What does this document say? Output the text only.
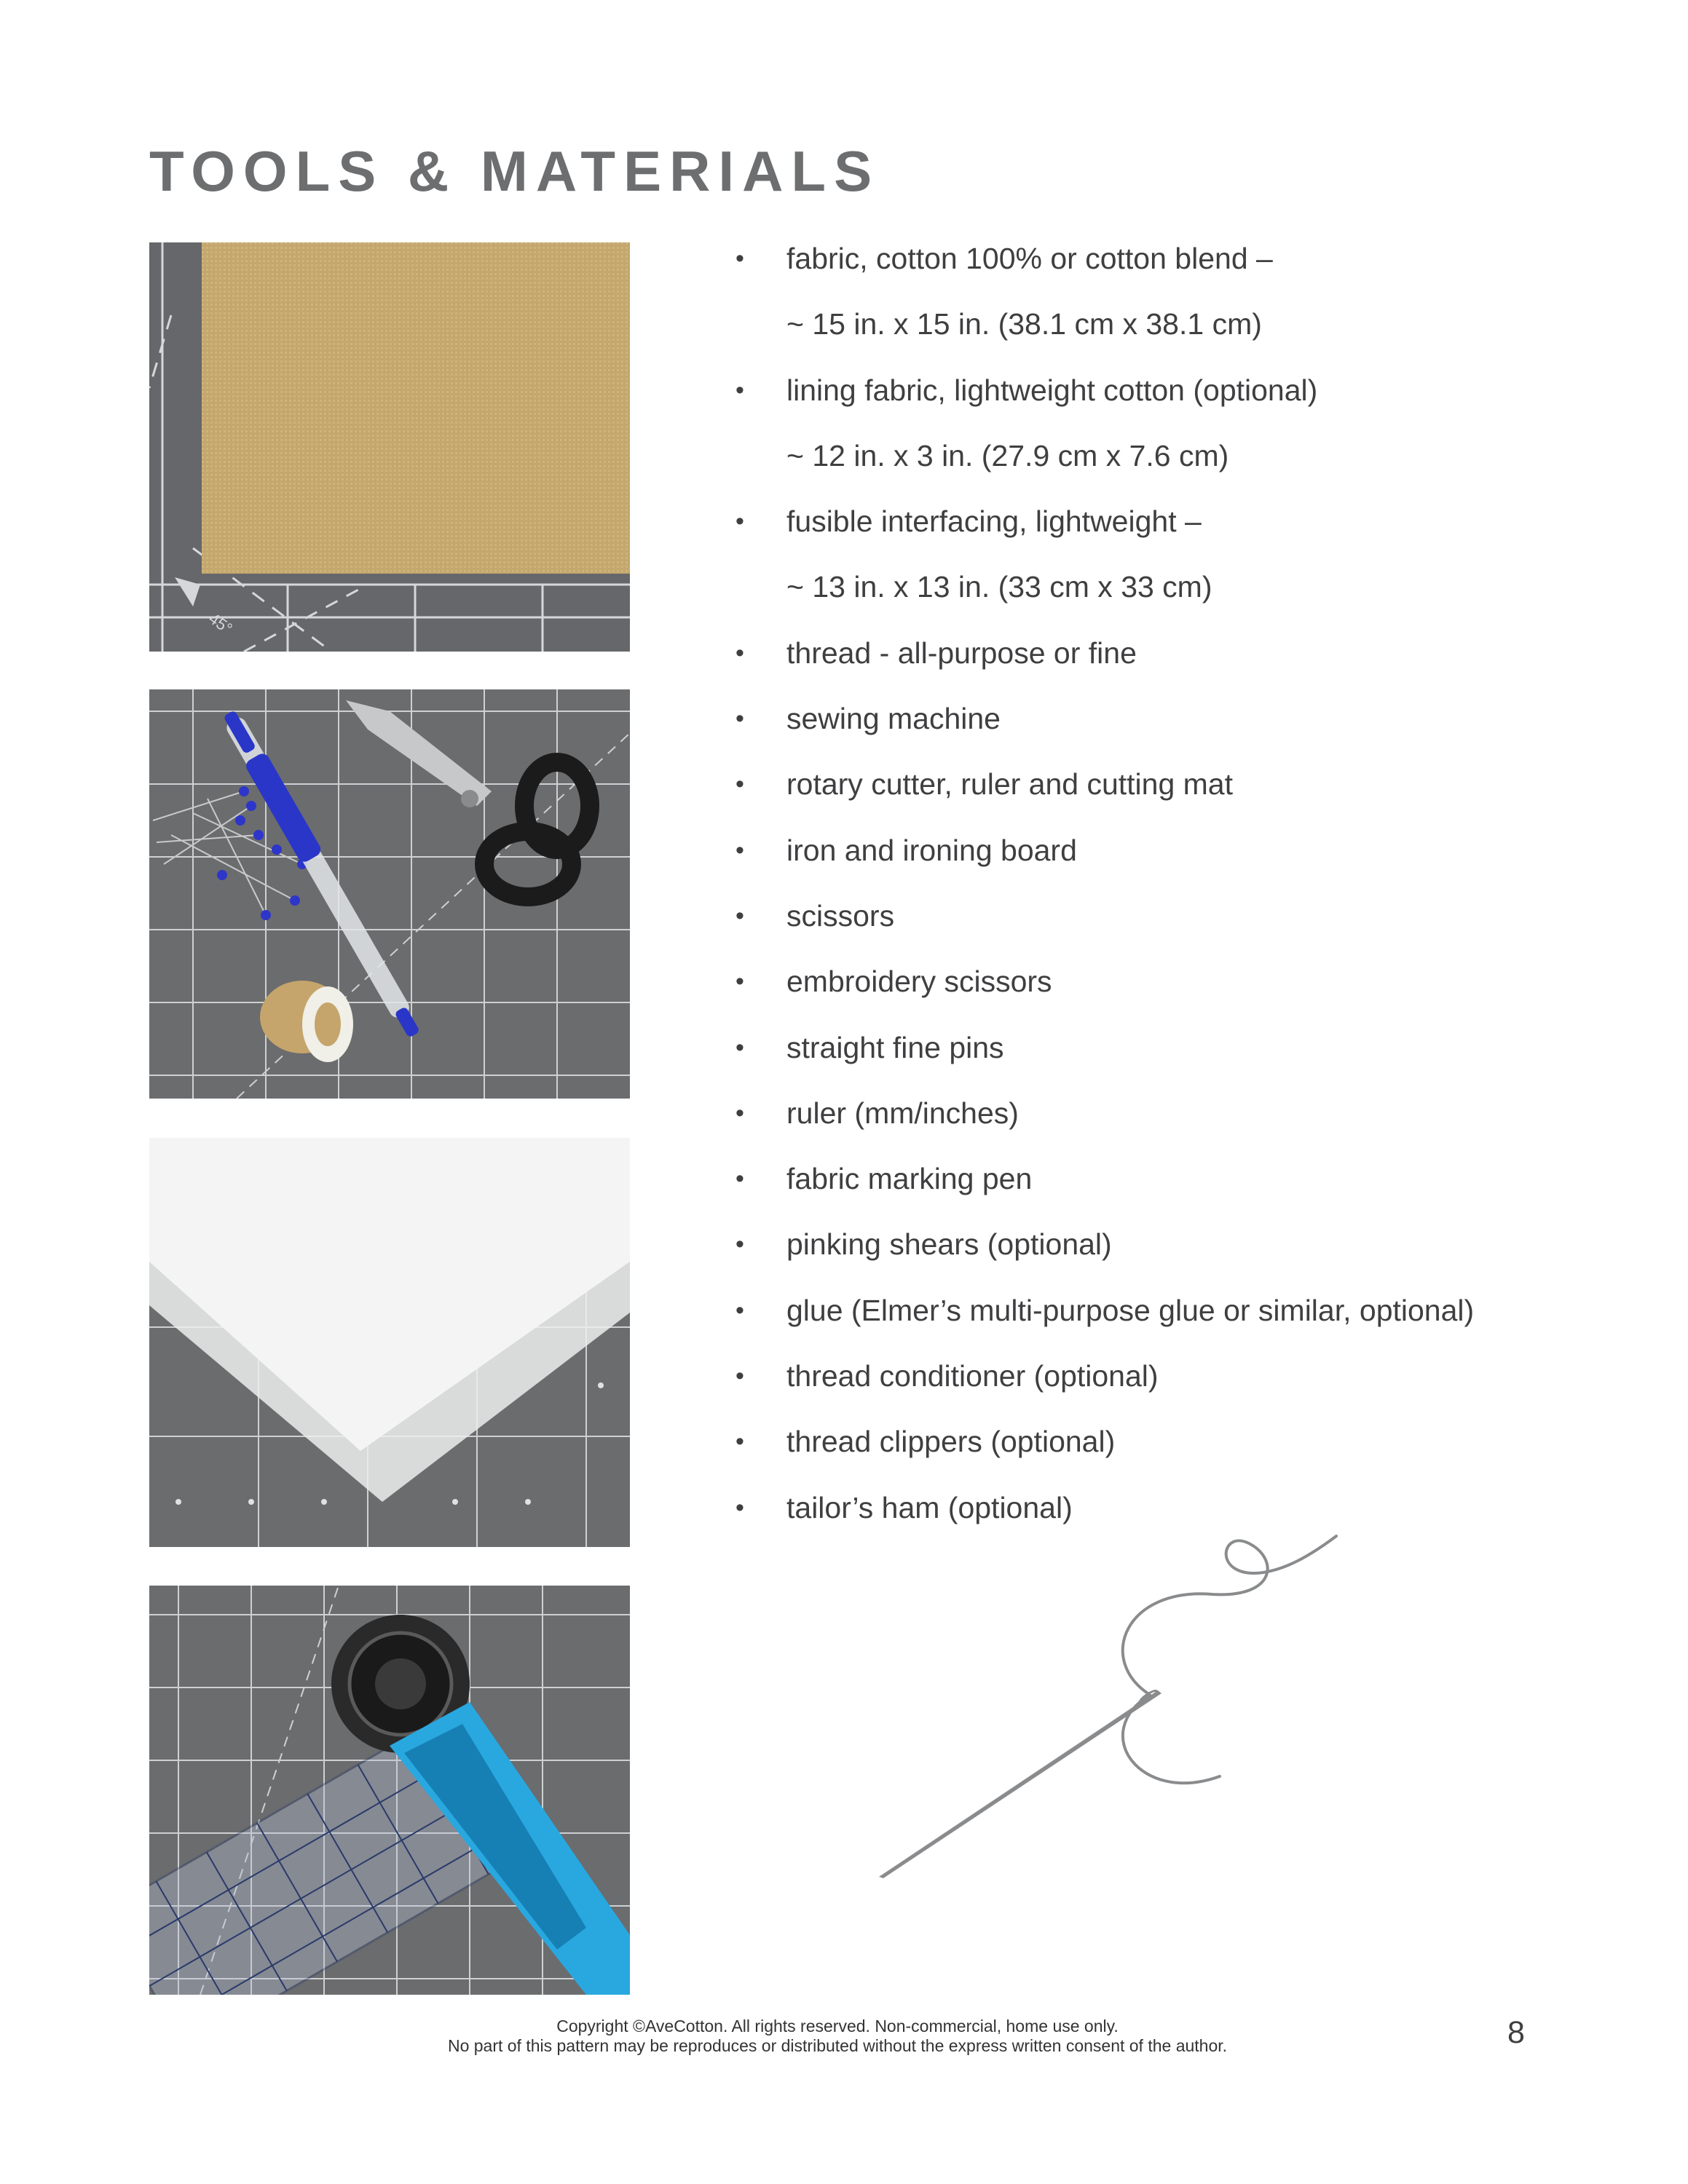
TOOLS & MATERIALS
45°
• fabric, cotton 100% or cotton blend –
~ 15 in. x 15 in. (38.1 cm x 38.1 cm)
• lining fabric, lightweight cotton (optional)
~ 12 in. x 3 in. (27.9 cm x 7.6 cm)
• fusible interfacing, lightweight –
~ 13 in. x 13 in. (33 cm x 33 cm)
• thread - all-purpose or fine
• sewing machine
• rotary cutter, ruler and cutting mat
• iron and ironing board
• scissors
• embroidery scissors
• straight fine pins
• ruler (mm/inches)
• fabric marking pen
• pinking shears (optional)
• glue (Elmer’s multi-purpose glue or similar, optional)
• thread conditioner (optional)
• thread clippers (optional)
• tailor’s ham (optional)
Copyright ©AveCotton. All rights reserved. Non-commercial, home use only.
No part of this pattern may be reproduces or distributed without the express written consent of the author.	8
